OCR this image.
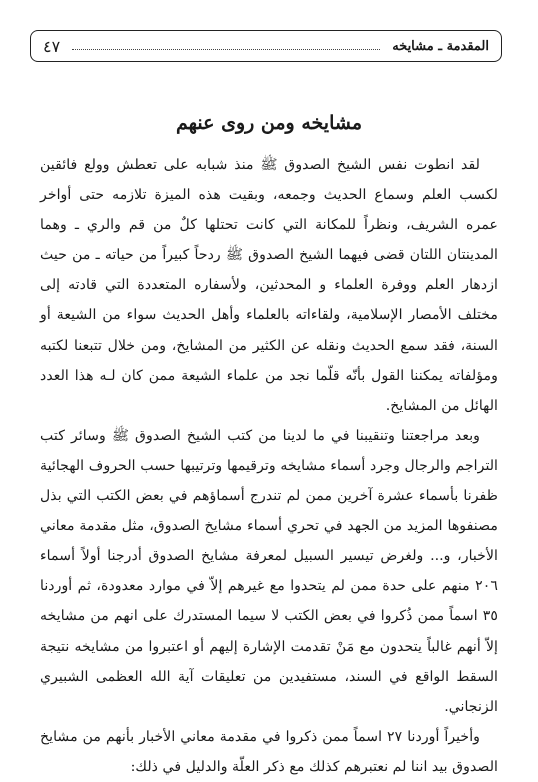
المقدمة ـ مشايخه
٤٧
مشايخه ومن روى عنهم

لقد انطوت نفس الشيخ الصدوق ﷺ منذ شبابه على تعطش وولع فائقين لكسب العلم وسماع الحديث وجمعه، وبقيت هذه الميزة تلازمه حتى أواخر عمره الشريف، ونظراً للمكانة التي كانت تحتلها كلٌ من قم والري ـ وهما المدينتان اللتان قضى فيهما الشيخ الصدوق ﷺ ردحاً كبيراً من حياته ـ من حيث ازدهار العلم ووفرة العلماء و المحدثين، ولأسفاره المتعددة التي قادته إلى مختلف الأمصار الإسلامية، ولقاءاته بالعلماء وأهل الحديث سواء من الشيعة أو السنة، فقد سمع الحديث ونقله عن الكثير من المشايخ، ومن خلال تتبعنا لكتبه ومؤلفاته يمكننا القول بأنّه قلّما نجد من علماء الشيعة ممن كان لـه هذا العدد الهائل من المشايخ.

وبعد مراجعتنا وتنقيبنا في ما لدينا من كتب الشيخ الصدوق ﷺ وسائر كتب التراجم والرجال وجرد أسماء مشايخه وترقيمها وترتيبها حسب الحروف الهجائية ظفرنا بأسماء عشرة آخرين ممن لم تندرج أسماؤهم في بعض الكتب التي بذل مصنفوها المزيد من الجهد في تحري أسماء مشايخ الصدوق، مثل مقدمة معاني الأخبار، و... ولغرض تيسير السبيل لمعرفة مشايخ الصدوق أدرجنا أولاً أسماء ٢٠٦ منهم على حدة ممن لم يتحدوا مع غيرهم إلاّ في موارد معدودة، ثم أوردنا ٣٥ اسماً ممن ذُكروا في بعض الكتب لا سيما المستدرك على انهم من مشايخه إلاّ أنهم غالباً يتحدون مع مَنْ تقدمت الإشارة إليهم أو اعتبروا من مشايخه نتيجة السقط الواقع في السند، مستفيدين من تعليقات آية الله العظمى الشبيري الزنجاني.

وأخيراً أوردنا ٢٧ اسماً ممن ذكروا في مقدمة معاني الأخبار بأنهم من مشايخ الصدوق بيد اننا لم نعتبرهم كذلك مع ذكر العلّة والدليل في ذلك:
